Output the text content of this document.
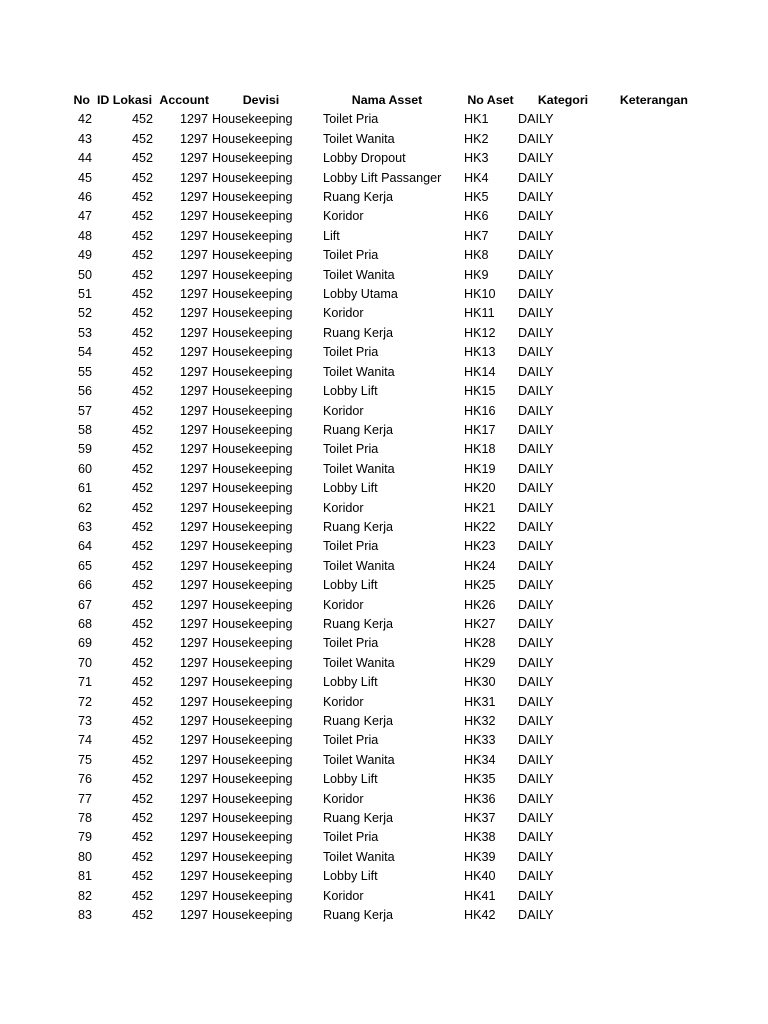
No	ID Lokasi	Account	Devisi	Nama Asset	No Aset	Kategori	Keterangan
42	452	1297	Housekeeping	Toilet Pria	HK1	DAILY	
43	452	1297	Housekeeping	Toilet Wanita	HK2	DAILY	
44	452	1297	Housekeeping	Lobby Dropout	HK3	DAILY	
45	452	1297	Housekeeping	Lobby Lift Passanger	HK4	DAILY	
46	452	1297	Housekeeping	Ruang Kerja	HK5	DAILY	
47	452	1297	Housekeeping	Koridor	HK6	DAILY	
48	452	1297	Housekeeping	Lift	HK7	DAILY	
49	452	1297	Housekeeping	Toilet Pria	HK8	DAILY	
50	452	1297	Housekeeping	Toilet Wanita	HK9	DAILY	
51	452	1297	Housekeeping	Lobby Utama	HK10	DAILY	
52	452	1297	Housekeeping	Koridor	HK11	DAILY	
53	452	1297	Housekeeping	Ruang Kerja	HK12	DAILY	
54	452	1297	Housekeeping	Toilet Pria	HK13	DAILY	
55	452	1297	Housekeeping	Toilet Wanita	HK14	DAILY	
56	452	1297	Housekeeping	Lobby Lift	HK15	DAILY	
57	452	1297	Housekeeping	Koridor	HK16	DAILY	
58	452	1297	Housekeeping	Ruang Kerja	HK17	DAILY	
59	452	1297	Housekeeping	Toilet Pria	HK18	DAILY	
60	452	1297	Housekeeping	Toilet Wanita	HK19	DAILY	
61	452	1297	Housekeeping	Lobby Lift	HK20	DAILY	
62	452	1297	Housekeeping	Koridor	HK21	DAILY	
63	452	1297	Housekeeping	Ruang Kerja	HK22	DAILY	
64	452	1297	Housekeeping	Toilet Pria	HK23	DAILY	
65	452	1297	Housekeeping	Toilet Wanita	HK24	DAILY	
66	452	1297	Housekeeping	Lobby Lift	HK25	DAILY	
67	452	1297	Housekeeping	Koridor	HK26	DAILY	
68	452	1297	Housekeeping	Ruang Kerja	HK27	DAILY	
69	452	1297	Housekeeping	Toilet Pria	HK28	DAILY	
70	452	1297	Housekeeping	Toilet Wanita	HK29	DAILY	
71	452	1297	Housekeeping	Lobby Lift	HK30	DAILY	
72	452	1297	Housekeeping	Koridor	HK31	DAILY	
73	452	1297	Housekeeping	Ruang Kerja	HK32	DAILY	
74	452	1297	Housekeeping	Toilet Pria	HK33	DAILY	
75	452	1297	Housekeeping	Toilet Wanita	HK34	DAILY	
76	452	1297	Housekeeping	Lobby Lift	HK35	DAILY	
77	452	1297	Housekeeping	Koridor	HK36	DAILY	
78	452	1297	Housekeeping	Ruang Kerja	HK37	DAILY	
79	452	1297	Housekeeping	Toilet Pria	HK38	DAILY	
80	452	1297	Housekeeping	Toilet Wanita	HK39	DAILY	
81	452	1297	Housekeeping	Lobby Lift	HK40	DAILY	
82	452	1297	Housekeeping	Koridor	HK41	DAILY	
83	452	1297	Housekeeping	Ruang Kerja	HK42	DAILY	
